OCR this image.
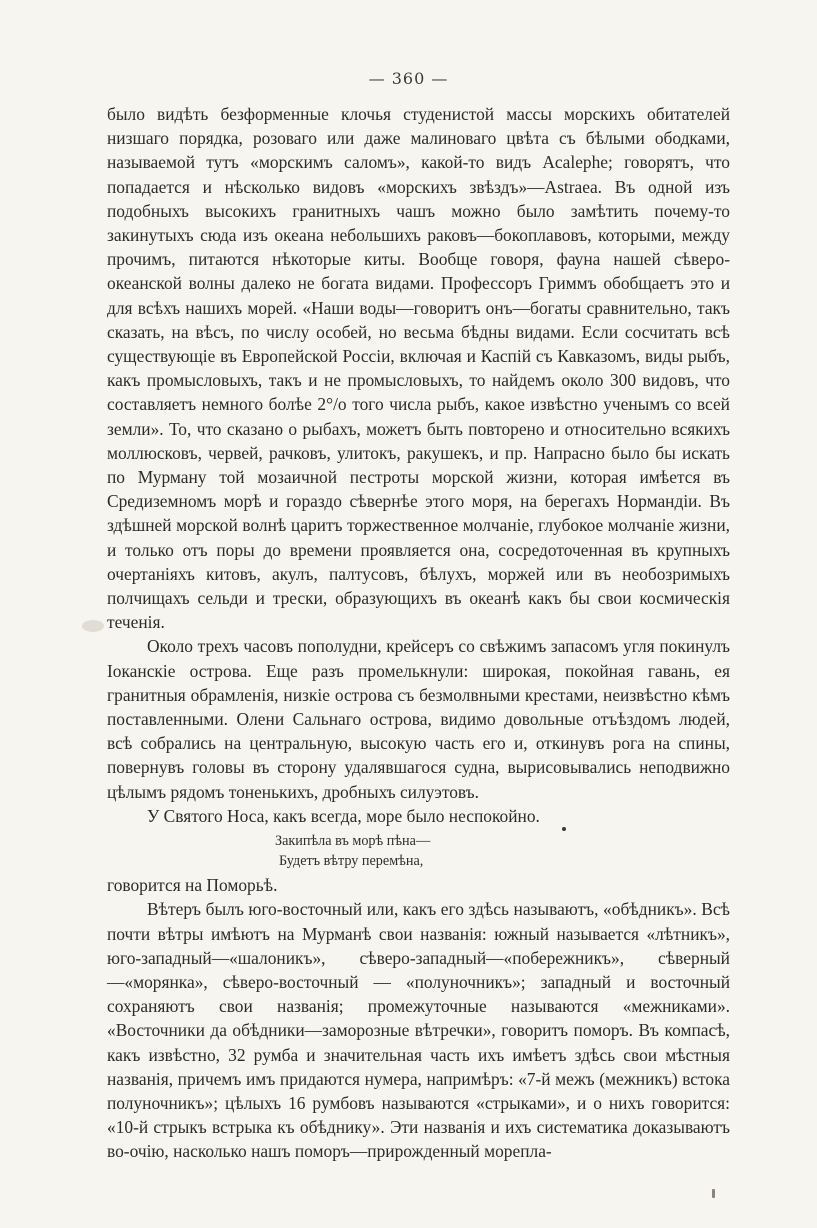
— 360 —

было видѣть безформенные клочья студенистой массы морскихъ обитателей низшаго порядка, розоваго или даже малиноваго цвѣта съ бѣлыми ободками, называемой тутъ «морскимъ саломъ», какой-то видъ Acalephe; говорятъ, что попадается и нѣсколько видовъ «морскихъ звѣздъ»—Astraea. Въ одной изъ подобныхъ высокихъ гранитныхъ чашъ можно было замѣтить почему-то закинутыхъ сюда изъ океана небольшихъ раковъ—бокоплавовъ, которыми, между прочимъ, питаются нѣкоторые киты. Вообще говоря, фауна нашей сѣверо-океанской волны далеко не богата видами. Профессоръ Гриммъ обобщаетъ это и для всѣхъ нашихъ морей. «Наши воды—говоритъ онъ—богаты сравнительно, такъ сказать, на вѣсъ, по числу особей, но весьма бѣдны видами. Если сосчитать всѣ существующіе въ Европейской Россіи, включая и Каспій съ Кавказомъ, виды рыбъ, какъ промысловыхъ, такъ и не промысловыхъ, то найдемъ около 300 видовъ, что составляетъ немного болѣе 2°/о того числа рыбъ, какое извѣстно ученымъ со всей земли». То, что сказано о рыбахъ, можетъ быть повторено и относительно всякихъ моллюсковъ, червей, рачковъ, улитокъ, ракушекъ, и пр. Напрасно было бы искать по Мурману той мозаичной пестроты морской жизни, которая имѣется въ Средиземномъ морѣ и гораздо сѣвернѣе этого моря, на берегахъ Нормандіи. Въ здѣшней морской волнѣ царитъ торжественное молчаніе, глубокое молчаніе жизни, и только отъ поры до времени проявляется она, сосредоточенная въ крупныхъ очертаніяхъ китовъ, акулъ, палтусовъ, бѣлухъ, моржей или въ необозримыхъ полчищахъ сельди и трески, образующихъ въ океанѣ какъ бы свои космическія теченія.

Около трехъ часовъ пополудни, крейсеръ со свѣжимъ запасомъ угля покинулъ Іоканскіе острова. Еще разъ промелькнули: широкая, покойная гавань, ея гранитныя обрамленія, низкіе острова съ безмолвными крестами, неизвѣстно кѣмъ поставленными. Олени Сальнаго острова, видимо довольные отъѣздомъ людей, всѣ собрались на центральную, высокую часть его и, откинувъ рога на спины, повернувъ головы въ сторону удалявшагося судна, вырисовывались неподвижно цѣлымъ рядомъ тоненькихъ, дробныхъ силуэтовъ.

У Святого Носа, какъ всегда, море было неспокойно.

Закипѣла въ морѣ пѣна—
Будетъ вѣтру перемѣна,

говорится на Поморьѣ.

Вѣтеръ былъ юго-восточный или, какъ его здѣсь называютъ, «обѣдникъ». Всѣ почти вѣтры имѣютъ на Мурманѣ свои названія: южный называется «лѣтникъ», юго-западный—«шалоникъ», сѣверо-западный—«побережникъ», сѣверный—«морянка», сѣверо-восточный — «полуночникъ»; западный и восточный сохраняютъ свои названія; промежуточные называются «межниками». «Восточники да обѣдники—заморозные вѣтречки», говоритъ поморъ. Въ компасѣ, какъ извѣстно, 32 румба и значительная часть ихъ имѣетъ здѣсь свои мѣстныя названія, причемъ имъ придаются нумера, напримѣръ: «7-й межъ (межникъ) встока полуночникъ»; цѣлыхъ 16 румбовъ называются «стрыками», и о нихъ говорится: «10-й стрыкъ встрыка къ обѣднику». Эти названія и ихъ систематика доказываютъ во-очію, насколько нашъ поморъ—прирожденный морепла-
